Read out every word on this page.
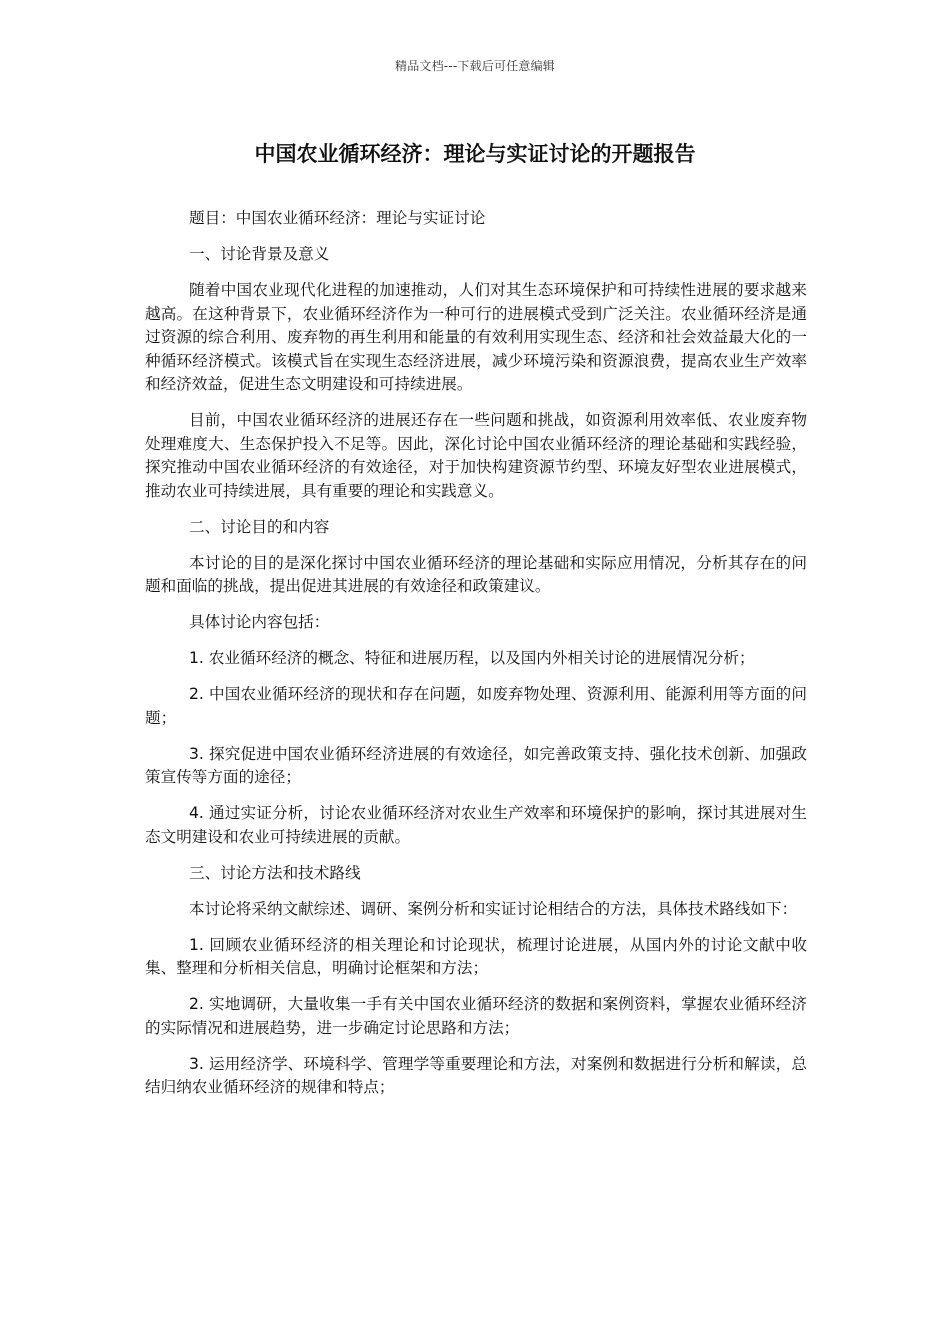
精品文档---下载后可任意编辑
中国农业循环经济：理论与实证讨论的开题报告

题目：中国农业循环经济：理论与实证讨论

一、讨论背景及意义

随着中国农业现代化进程的加速推动，人们对其生态环境保护和可持续性进展的要求越来越高。在这种背景下，农业循环经济作为一种可行的进展模式受到广泛关注。农业循环经济是通过资源的综合利用、废弃物的再生利用和能量的有效利用实现生态、经济和社会效益最大化的一种循环经济模式。该模式旨在实现生态经济进展，减少环境污染和资源浪费，提高农业生产效率和经济效益，促进生态文明建设和可持续进展。

目前，中国农业循环经济的进展还存在一些问题和挑战，如资源利用效率低、农业废弃物处理难度大、生态保护投入不足等。因此，深化讨论中国农业循环经济的理论基础和实践经验，探究推动中国农业循环经济的有效途径，对于加快构建资源节约型、环境友好型农业进展模式，推动农业可持续进展，具有重要的理论和实践意义。

二、讨论目的和内容

本讨论的目的是深化探讨中国农业循环经济的理论基础和实际应用情况，分析其存在的问题和面临的挑战，提出促进其进展的有效途径和政策建议。

具体讨论内容包括：

1. 农业循环经济的概念、特征和进展历程，以及国内外相关讨论的进展情况分析；

2. 中国农业循环经济的现状和存在问题，如废弃物处理、资源利用、能源利用等方面的问题；

3. 探究促进中国农业循环经济进展的有效途径，如完善政策支持、强化技术创新、加强政策宣传等方面的途径；

4. 通过实证分析，讨论农业循环经济对农业生产效率和环境保护的影响，探讨其进展对生态文明建设和农业可持续进展的贡献。

三、讨论方法和技术路线

本讨论将采纳文献综述、调研、案例分析和实证讨论相结合的方法，具体技术路线如下：

1. 回顾农业循环经济的相关理论和讨论现状，梳理讨论进展，从国内外的讨论文献中收集、整理和分析相关信息，明确讨论框架和方法；

2. 实地调研，大量收集一手有关中国农业循环经济的数据和案例资料，掌握农业循环经济的实际情况和进展趋势，进一步确定讨论思路和方法；

3. 运用经济学、环境科学、管理学等重要理论和方法，对案例和数据进行分析和解读，总结归纳农业循环经济的规律和特点；
